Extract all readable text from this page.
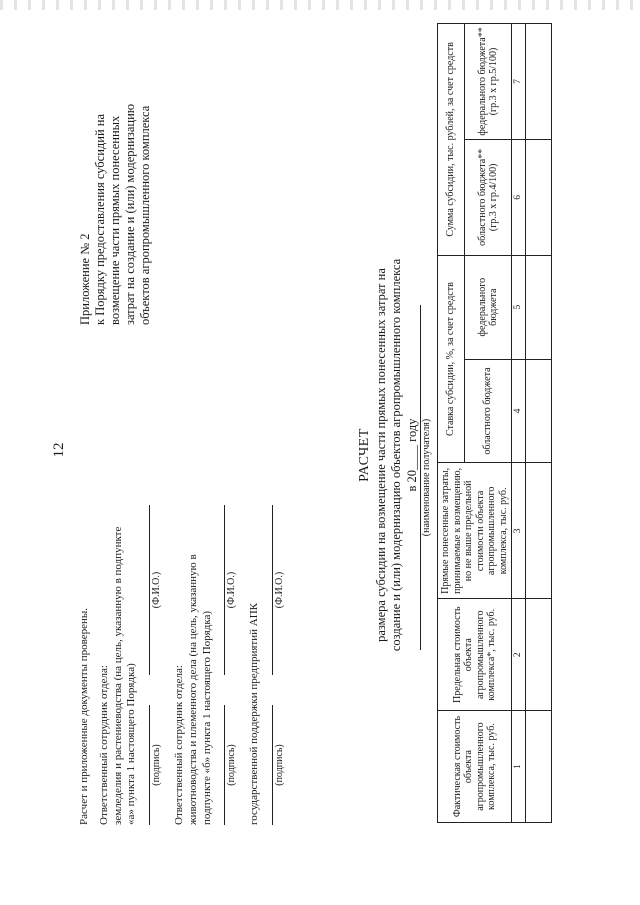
12
Приложение № 2 к Порядку предоставления субсидий на возмещение части прямых понесенных затрат на создание и (или) модернизацию объектов агропромышленного комплекса
РАСЧЕТ размера субсидии на возмещение части прямых понесенных затрат на создание и (или) модернизацию объектов агропромышленного комплекса в 20____ году (наименование получателя)
Фактическая стоимость объекта агропромышленного комплекса, тыс. руб.	Предельная стоимость объекта агропромышленного комплекса*, тыс. руб.	Прямые понесенные затраты, принимаемые к возмещению, но не выше предельной стоимости объекта агропромышленного комплекса, тыс. руб.	Ставка субсидии, %, за счет средств		Сумма субсидии, тыс. рублей, за счет средств	
			областного бюджета	федерального бюджета	областного бюджета** (гр.3 х гр.4/100)	федерального бюджета** (гр.3 х гр.5/100)
1	2	3	4	5	6	7

Расчет и приложенные документы проверены. Ответственный сотрудник отдела: земледелия и растениеводства (на цель, указанную в подпункте «а» пункта 1 настоящего Порядка) (подпись)
(Ф.И.О.)
Ответственный сотрудник отдела: животноводства и племенного дела (на цель, указанную в подпункте «б» пункта 1 настоящего Порядка) (подпись)
(Ф.И.О.)
государственной поддержки предприятий АПК (подпись)
(Ф.И.О.)
